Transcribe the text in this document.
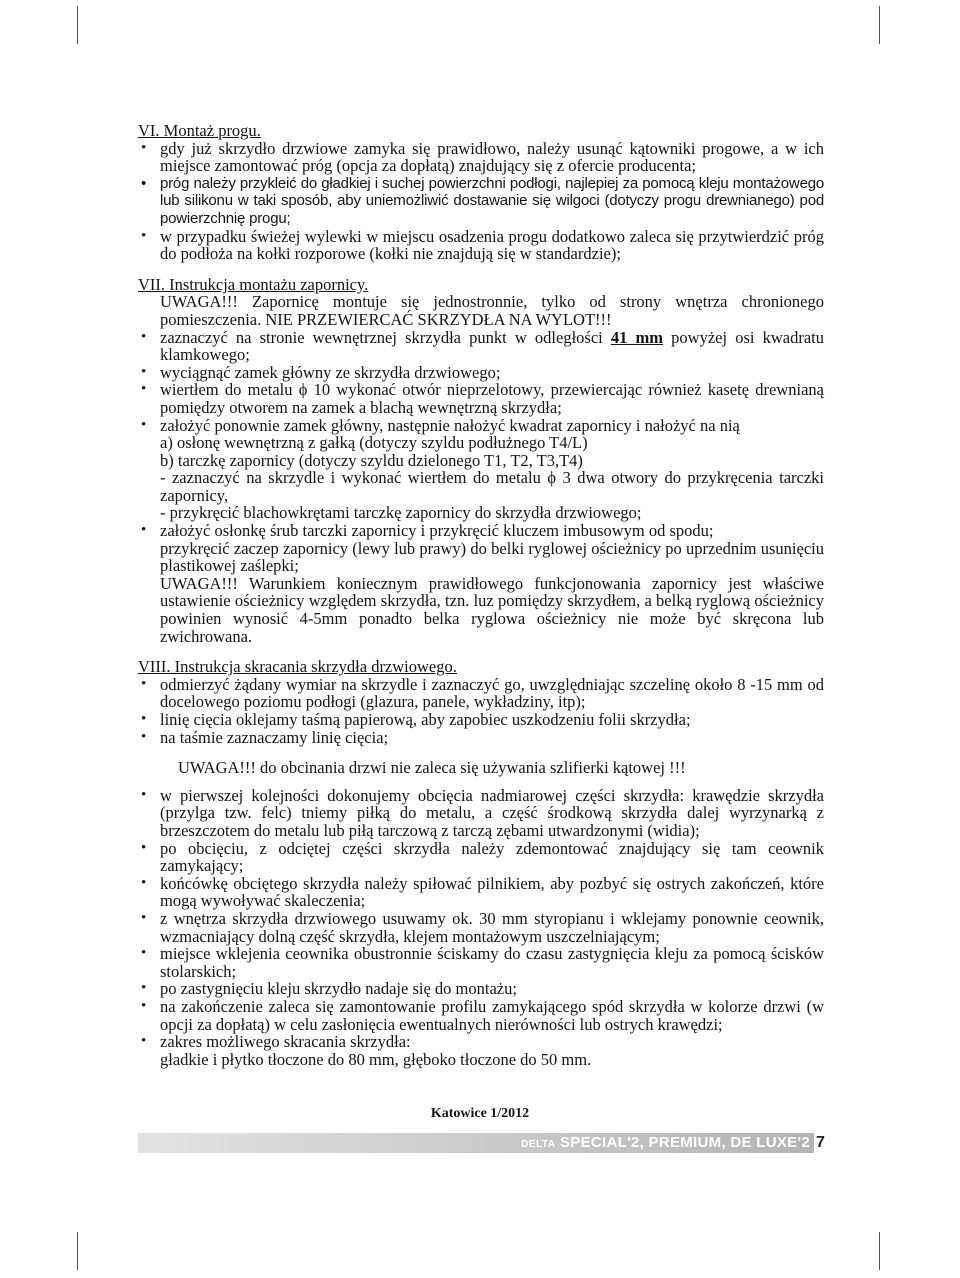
VI. Montaż progu.

• gdy już skrzydło drzwiowe zamyka się prawidłowo, należy usunąć kątowniki progowe, a w ich miejsce zamontować próg (opcja za dopłatą) znajdujący się z ofercie producenta;
• próg należy przykleić do gładkiej i suchej powierzchni podłogi, najlepiej za pomocą kleju montażowego lub silikonu w taki sposób, aby uniemożliwić dostawanie się wilgoci (dotyczy progu drewnianego) pod powierzchnię progu;
• w przypadku świeżej wylewki w miejscu osadzenia progu dodatkowo zaleca się przytwierdzić próg do podłoża na kołki rozporowe (kołki nie znajdują się w standardzie);

VII. Instrukcja montażu zapornicy.

UWAGA!!! Zapornicę montuje się jednostronnie, tylko od strony wnętrza chronionego pomieszczenia. NIE PRZEWIERCAĆ SKRZYDŁA NA WYLOT!!!
• zaznaczyć na stronie wewnętrznej skrzydła punkt w odległości 41 mm powyżej osi kwadratu klamkowego;
• wyciągnąć zamek główny ze skrzydła drzwiowego;
• wiertłem do metalu ϕ 10 wykonać otwór nieprzelotowy, przewiercając również kasetę drewnianą pomiędzy otworem na zamek a blachą wewnętrzną skrzydła;
• założyć ponownie zamek główny, następnie nałożyć kwadrat zapornicy i nałożyć na nią
a) osłonę wewnętrzną z gałką (dotyczy szyldu podłużnego T4/L)
b) tarczkę zapornicy (dotyczy szyldu dzielonego T1, T2, T3,T4)
- zaznaczyć na skrzydle i wykonać wiertłem do metalu ϕ 3 dwa otwory do przykręcenia tarczki zapornicy,
- przykręcić blachowkrętami tarczkę zapornicy do skrzydła drzwiowego;
• założyć osłonkę śrub tarczki zapornicy i przykręcić kluczem imbusowym od spodu;
przykręcić zaczep zapornicy (lewy lub prawy) do belki ryglowej ościeżnicy po uprzednim usunięciu plastikowej zaślepki;
UWAGA!!! Warunkiem koniecznym prawidłowego funkcjonowania zapornicy jest właściwe ustawienie ościeżnicy względem skrzydła, tzn. luz pomiędzy skrzydłem, a belką ryglową ościeżnicy powinien wynosić 4-5mm ponadto belka ryglowa ościeżnicy nie może być skręcona lub zwichrowana.

VIII. Instrukcja skracania skrzydła drzwiowego.

• odmierzyć żądany wymiar na skrzydle i zaznaczyć go, uwzględniając szczelinę około 8 -15 mm od docelowego poziomu podłogi (glazura, panele, wykładziny, itp);
• linię cięcia oklejamy taśmą papierową, aby zapobiec uszkodzeniu folii skrzydła;
• na taśmie zaznaczamy linię cięcia;
UWAGA!!! do obcinania drzwi nie zaleca się używania szlifierki kątowej !!!
• w pierwszej kolejności dokonujemy obcięcia nadmiarowej części skrzydła: krawędzie skrzydła (przylga tzw. felc) tniemy piłką do metalu, a część środkową skrzydła dalej wyrzynarką z brzeszczotem do metalu lub piłą tarczową z tarczą zębami utwardzonymi (widia);
• po obcięciu, z odciętej części skrzydła należy zdemontować znajdujący się tam ceownik zamykający;
• końcówkę obciętego skrzydła należy spiłować pilnikiem, aby pozbyć się ostrych zakończeń, które mogą wywoływać skaleczenia;
• z wnętrza skrzydła drzwiowego usuwamy ok. 30 mm styropianu i wklejamy ponownie ceownik, wzmacniający dolną część skrzydła, klejem montażowym uszczelniającym;
• miejsce wklejenia ceownika obustronnie ściskamy do czasu zastygnięcia kleju za pomocą ścisków stolarskich;
• po zastygnięciu kleju skrzydło nadaje się do montażu;
• na zakończenie zaleca się zamontowanie profilu zamykającego spód skrzydła w kolorze drzwi (w opcji za dopłatą) w celu zasłonięcia ewentualnych nierówności lub ostrych krawędzi;
• zakres możliwego skracania skrzydła:
gładkie i płytko tłoczone do 80 mm, głęboko tłoczone do 50 mm.
Katowice 1/2012
DELTA SPECIAL'2, PREMIUM, DE LUXE'2 7
